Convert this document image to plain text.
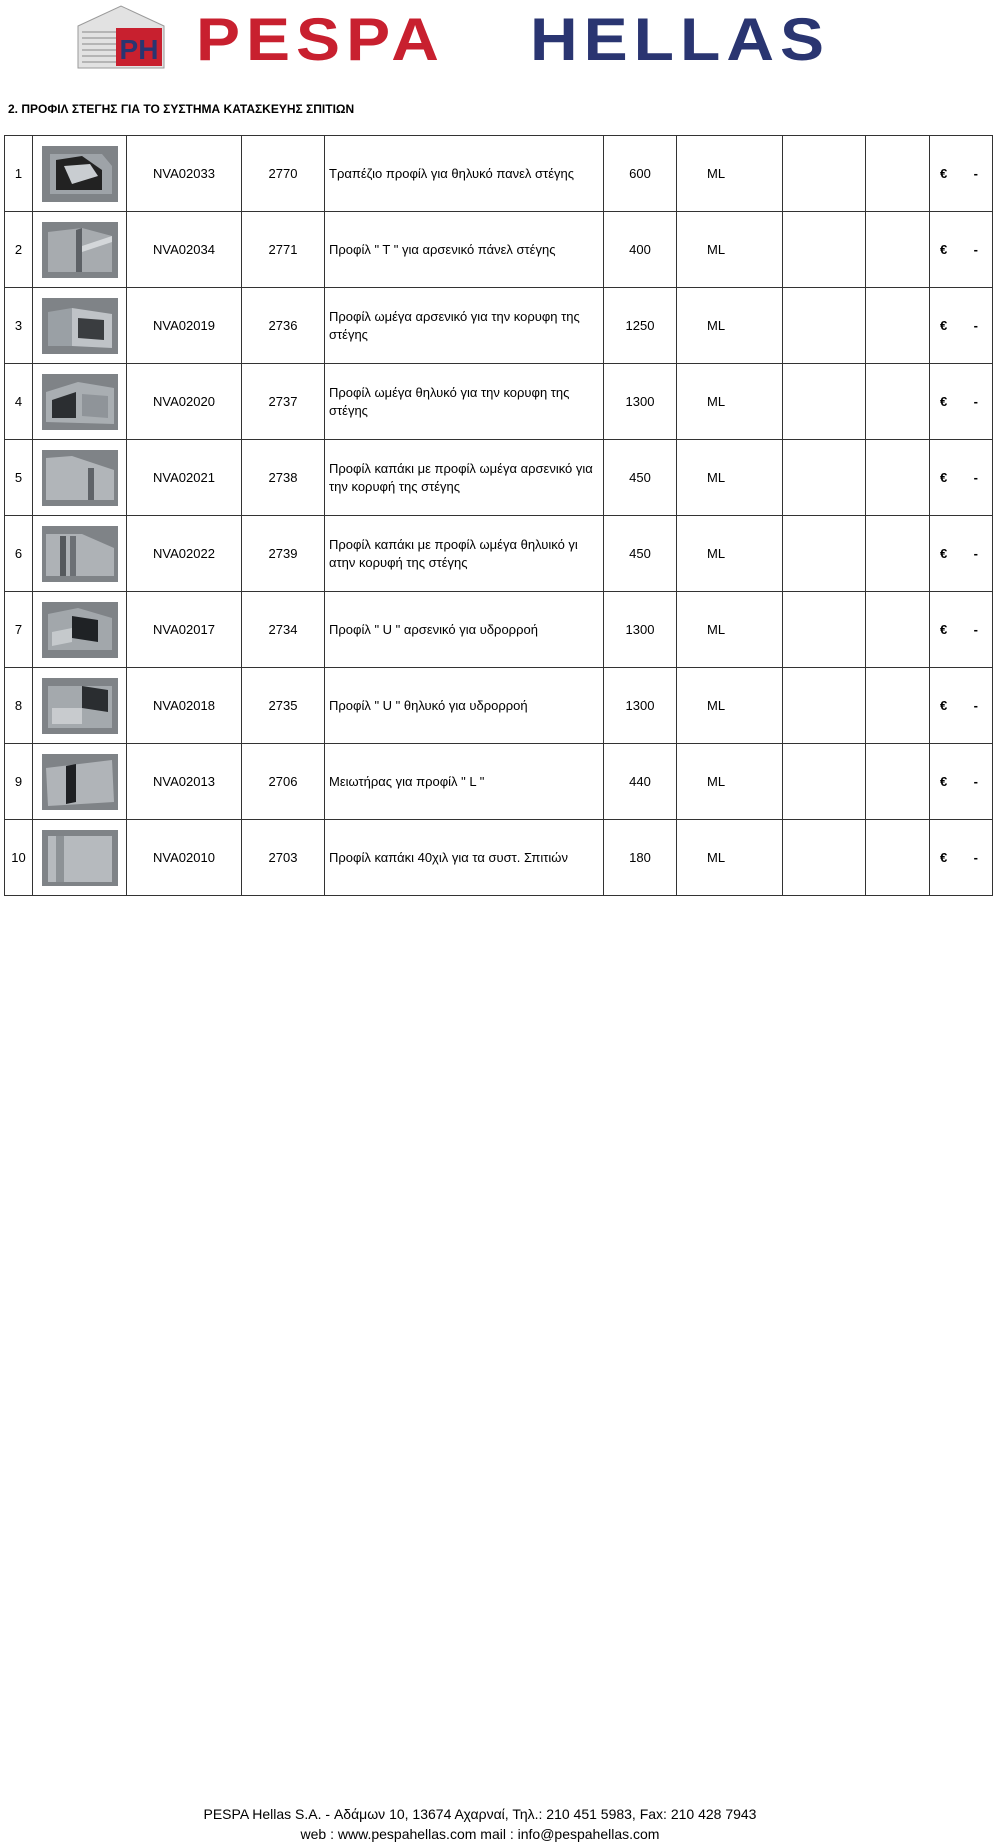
PH PESPA HELLAS
2. ΠΡΟΦΙΛ ΣΤΕΓΗΣ ΓΙΑ ΤΟ ΣΥΣΤΗΜΑ ΚΑΤΑΣΚΕΥΗΣ ΣΠΙΤΙΩΝ
1		NVA02033	2770	Τραπέζιο προφίλ για θηλυκό πανελ στέγης	600	ML			€ -

2		NVA02034	2771	Προφίλ " Τ " για αρσενικό πάνελ στέγης	400	ML			€ -

3		NVA02019	2736	Προφίλ ωμέγα αρσενικό για την κορυφη της στέγης	1250	ML			€ -

4		NVA02020	2737	Προφίλ ωμέγα θηλυκό για την κορυφη της στέγης	1300	ML			€ -

5		NVA02021	2738	Προφίλ καπάκι με προφίλ ωμέγα αρσενικό για την κορυφή της στέγης	450	ML			€ -

6		NVA02022	2739	Προφίλ καπάκι με προφίλ ωμέγα θηλυικό γι ατην κορυφή της στέγης	450	ML			€ -

7		NVA02017	2734	Προφίλ " U " αρσενικό για υδρορροή	1300	ML			€ -

8		NVA02018	2735	Προφίλ " U " θηλυκό για υδρορροή	1300	ML			€ -

9		NVA02013	2706	Μειωτήρας για προφίλ " L "	440	ML			€ -

10		NVA02010	2703	Προφίλ καπάκι 40χιλ για τα συστ. Σπιτιών	180	ML			€ -
PESPA Hellas S.A. - Αδάμων 10, 13674 Αχαρναί, Τηλ.: 210 451 5983, Fax: 210 428 7943
web : www.pespahellas.com mail : info@pespahellas.com
